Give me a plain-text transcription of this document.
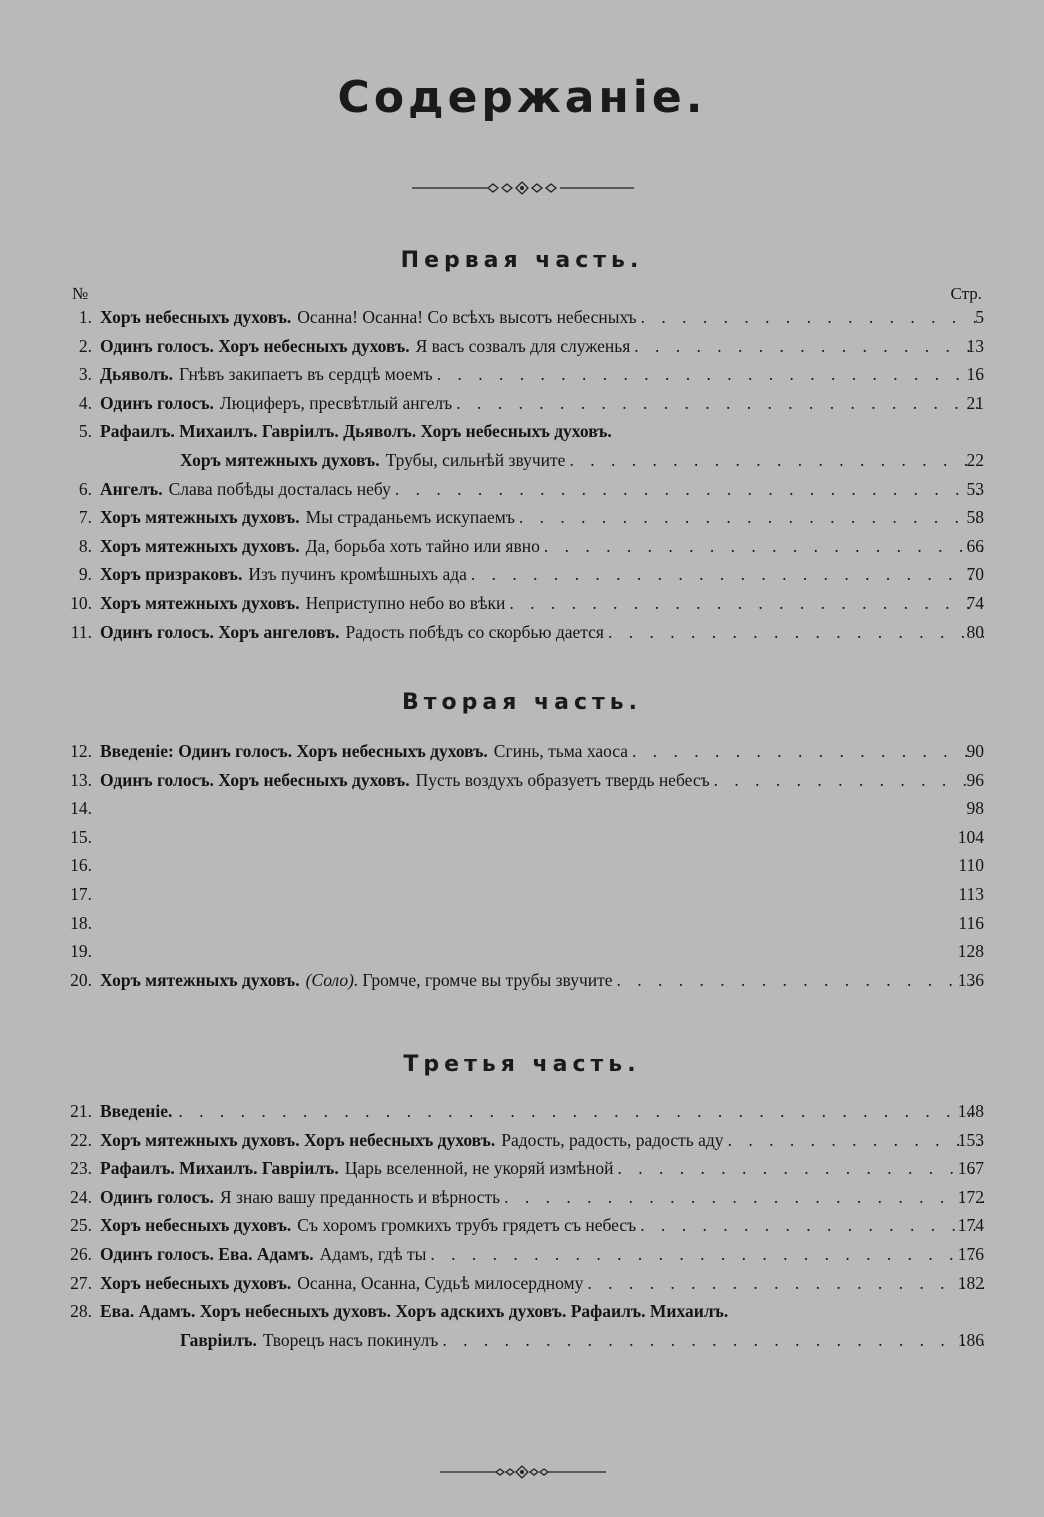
Содержаніе.
№	Стр.
Первая часть.
1. Хоръ небесныхъ духовъ. Осанна! Осанна! Со всѣхъ высотъ небесныхъ . . .	5
2. Одинъ голосъ. Хоръ небесныхъ духовъ. Я васъ созвалъ для служенья . . .	13
3. Дьяволъ. Гнѣвъ закипаетъ въ сердцѣ моемъ . . .	16
4. Одинъ голосъ. Люциферъ, пресвѣтлый ангелъ . . .	21
5. Рафаилъ. Михаилъ. Гавріилъ. Дьяволъ. Хоръ небесныхъ духовъ.
Хоръ мятежныхъ духовъ. Трубы, сильнѣй звучите . . .	22
6. Ангелъ. Слава побѣды досталась небу . . .	53
7. Хоръ мятежныхъ духовъ. Мы страданьемъ искупаемъ . . .	58
8. Хоръ мятежныхъ духовъ. Да, борьба хоть тайно или явно . . .	66
9. Хоръ призраковъ. Изъ пучинъ кромѣшныхъ ада . . .	70
10. Хоръ мятежныхъ духовъ. Неприступно небо во вѣки . . .	74
11. Одинъ голосъ. Хоръ ангеловъ. Радость побѣдъ со скорбью дается . . .	80
Вторая часть.
12. Введеніе: Одинъ голосъ. Хоръ небесныхъ духовъ. Сгинь, тьма хаоса . . .	90
13. Одинъ голосъ. Хоръ небесныхъ духовъ. Пусть воздухъ образуетъ твердь небесъ . . .	96
14.	98
15.	104
16.	110
17.	113
18.	116
19.	128
20. Хоръ мятежныхъ духовъ. (Соло). Громче, громче вы трубы звучите . . .	136
Третья часть.
21. Введеніе. . . .	148
22. Хоръ мятежныхъ духовъ. Хоръ небесныхъ духовъ. Радость, радость, радость аду . . .	153
23. Рафаилъ. Михаилъ. Гавріилъ. Царь вселенной, не укоряй измѣной . . .	167
24. Одинъ голосъ. Я знаю вашу преданность и вѣрность . . .	172
25. Хоръ небесныхъ духовъ. Съ хоромъ громкихъ трубъ грядетъ съ небесъ . . .	174
26. Одинъ голосъ. Ева. Адамъ. Адамъ, гдѣ ты . . .	176
27. Хоръ небесныхъ духовъ. Осанна, Осанна, Судьѣ милосердному . . .	182
28. Ева. Адамъ. Хоръ небесныхъ духовъ. Хоръ адскихъ духовъ. Рафаилъ. Михаилъ.
Гавріилъ. Творецъ насъ покинулъ . . .	186
